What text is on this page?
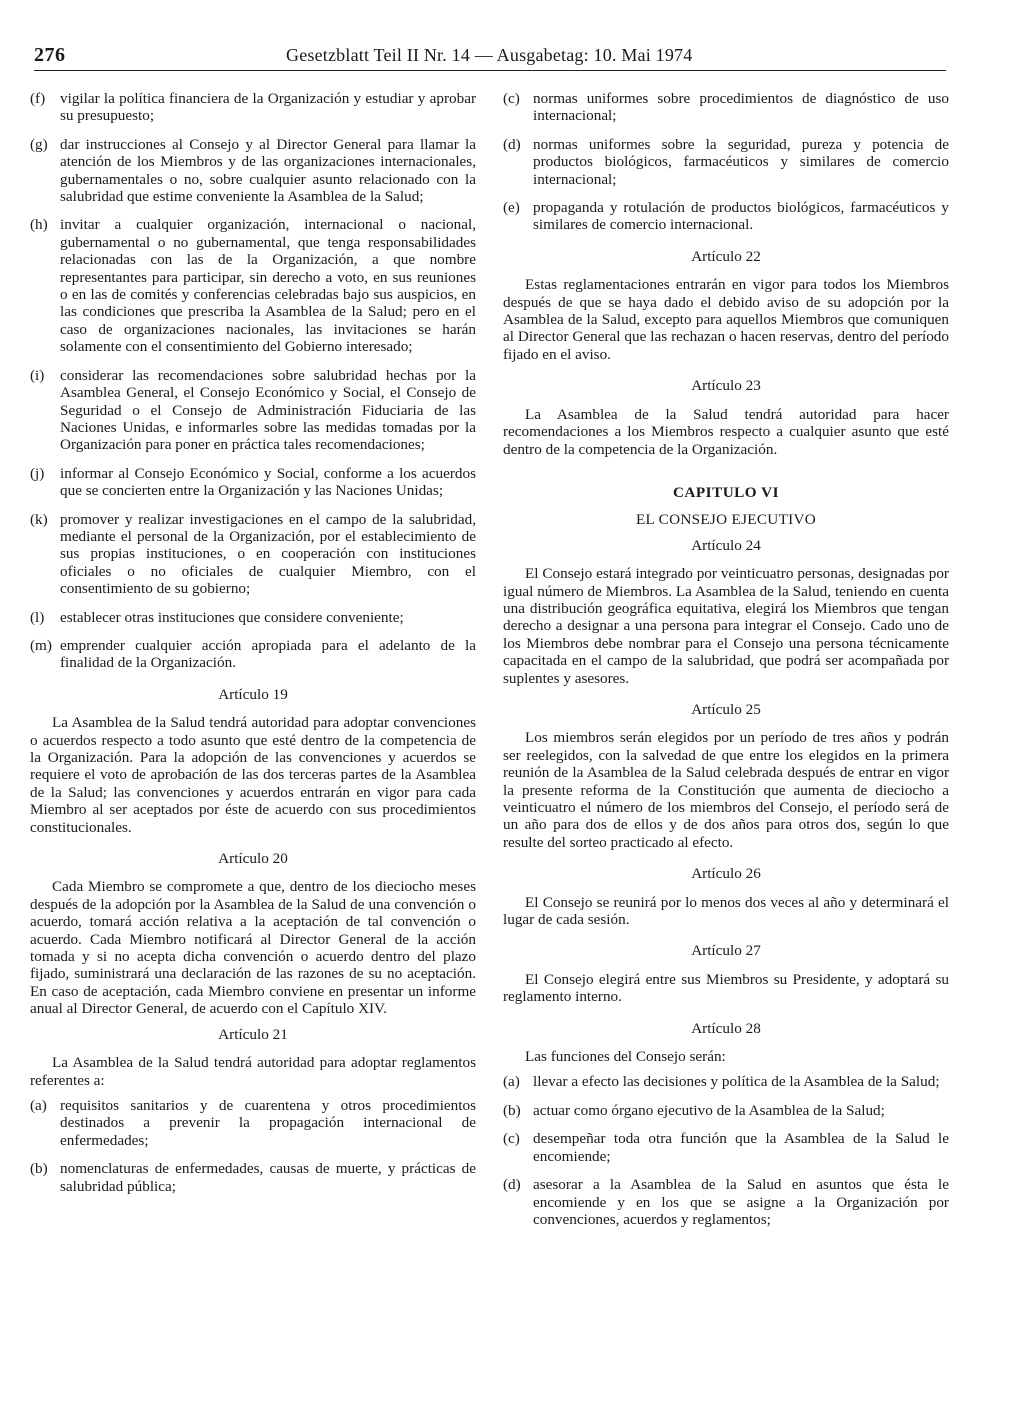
276	Gesetzblatt Teil II Nr. 14 — Ausgabetag: 10. Mai 1974
(f) vigilar la política financiera de la Organización y estudiar y aprobar su presupuesto;
(g) dar instrucciones al Consejo y al Director General para llamar la atención de los Miembros y de las organizaciones internacionales, gubernamentales o no, sobre cualquier asunto relacionado con la salubridad que estime conveniente la Asamblea de la Salud;
(h) invitar a cualquier organización, internacional o nacional, gubernamental o no gubernamental, que tenga responsabilidades relacionadas con las de la Organización, a que nombre representantes para participar, sin derecho a voto, en sus reuniones o en las de comités y conferencias celebradas bajo sus auspicios, en las condiciones que prescriba la Asamblea de la Salud; pero en el caso de organizaciones nacionales, las invitaciones se harán solamente con el consentimiento del Gobierno interesado;
(i)	considerar las recomendaciones sobre salubridad hechas por la Asamblea General, el Consejo Económico y Social, el Consejo de Seguridad o el Consejo de Administración Fiduciaria de las Naciones Unidas, e informarles sobre las medidas tomadas por la Organización para poner en práctica tales recomendaciones;
(j)	informar al Consejo Económico y Social, conforme a los acuerdos que se concierten entre la Organización y las Naciones Unidas;
(k) promover y realizar investigaciones en el campo de la salubridad, mediante el personal de la Organización, por el establecimiento de sus propias instituciones, o en cooperación con instituciones oficiales o no oficiales de cualquier Miembro, con el consentimiento de su gobierno;
(l)	establecer otras instituciones que considere conveniente;
(m) emprender cualquier acción apropiada para el adelanto de la finalidad de la Organización.
Artículo 19

La Asamblea de la Salud tendrá autoridad para adoptar convenciones o acuerdos respecto a todo asunto que esté dentro de la competencia de la Organización. Para la adopción de las convenciones y acuerdos se requiere el voto de aprobación de las dos terceras partes de la Asamblea de la Salud; las convenciones y acuerdos entrarán en vigor para cada Miembro al ser aceptados por éste de acuerdo con sus procedimientos constitucionales.

Artículo 20

Cada Miembro se compromete a que, dentro de los dieciocho meses después de la adopción por la Asamblea de la Salud de una convención o acuerdo, tomará acción relativa a la aceptación de tal convención o acuerdo. Cada Miembro notificará al Director General de la acción tomada y si no acepta dicha convención o acuerdo dentro del plazo fijado, suministrará una declaración de las razones de su no aceptación. En caso de aceptación, cada Miembro conviene en presentar un informe anual al Director General, de acuerdo con el Capítulo XIV.

Artículo 21

La Asamblea de la Salud tendrá autoridad para adoptar reglamentos referentes a:

(a) requisitos sanitarios y de cuarentena y otros procedimientos destinados a prevenir la propagación internacional de enfermedades;
(b) nomenclaturas de enfermedades, causas de muerte, y prácticas de salubridad pública;
(c) normas uniformes sobre procedimientos de diagnóstico de uso internacional;
(d) normas uniformes sobre la seguridad, pureza y potencia de productos biológicos, farmacéuticos y similares de comercio internacional;
(e) propaganda y rotulación de productos biológicos, farmacéuticos y similares de comercio internacional.
Artículo 22

Estas reglamentaciones entrarán en vigor para todos los Miembros después de que se haya dado el debido aviso de su adopción por la Asamblea de la Salud, excepto para aquellos Miembros que comuniquen al Director General que las rechazan o hacen reservas, dentro del período fijado en el aviso.

Artículo 23

La Asamblea de la Salud tendrá autoridad para hacer recomendaciones a los Miembros respecto a cualquier asunto que esté dentro de la competencia de la Organización.

CAPITULO VI
EL CONSEJO EJECUTIVO
Artículo 24

El Consejo estará integrado por veinticuatro personas, designadas por igual número de Miembros. La Asamblea de la Salud, teniendo en cuenta una distribución geográfica equitativa, elegirá los Miembros que tengan derecho a designar a una persona para integrar el Consejo. Cado uno de los Miembros debe nombrar para el Consejo una persona técnicamente capacitada en el campo de la salubridad, que podrá ser acompañada por suplentes y asesores.

Artículo 25

Los miembros serán elegidos por un período de tres años y podrán ser reelegidos, con la salvedad de que entre los elegidos en la primera reunión de la Asamblea de la Salud celebrada después de entrar en vigor la presente reforma de la Constitución que aumenta de dieciocho a veinticuatro el número de los miembros del Consejo, el período será de un año para dos de ellos y de dos años para otros dos, según lo que resulte del sorteo practicado al efecto.

Artículo 26

El Consejo se reunirá por lo menos dos veces al año y determinará el lugar de cada sesión.

Artículo 27

El Consejo elegirá entre sus Miembros su Presidente, y adoptará su reglamento interno.

Artículo 28

Las funciones del Consejo serán:

(a) llevar a efecto las decisiones y política de la Asamblea de la Salud;
(b) actuar como órgano ejecutivo de la Asamblea de la Salud;
(c) desempeñar toda otra función que la Asamblea de la Salud le encomiende;
(d) asesorar a la Asamblea de la Salud en asuntos que ésta le encomiende y en los que se asigne a la Organización por convenciones, acuerdos y reglamentos;
